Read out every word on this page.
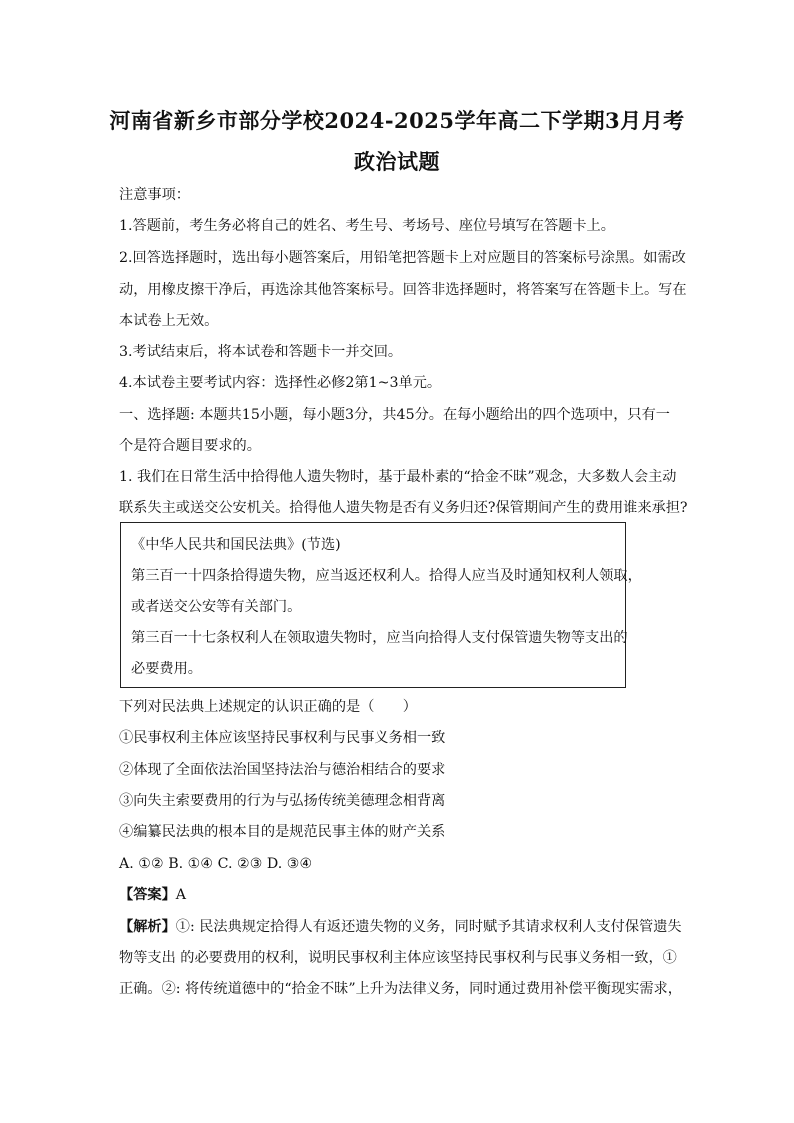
河南省新乡市部分学校2024-2025学年高二下学期3月月考
政治试题
注意事项：
1.答题前，考生务必将自己的姓名、考生号、考场号、座位号填写在答题卡上。
2.回答选择题时，选出每小题答案后，用铅笔把答题卡上对应题目的答案标号涂黑。如需改
动，用橡皮擦干净后，再选涂其他答案标号。回答非选择题时，将答案写在答题卡上。写在
本试卷上无效。
3.考试结束后，将本试卷和答题卡一并交回。
4.本试卷主要考试内容：选择性必修2第1~3单元。
一、选择题: 本题共15小题，每小题3分，共45分。在每小题给出的四个选项中，只有一
个是符合题目要求的。
1. 我们在日常生活中拾得他人遗失物时，基于最朴素的“拾金不昧”观念，大多数人会主动
联系失主或送交公安机关。拾得他人遗失物是否有义务归还?保管期间产生的费用谁来承担?
《中华人民共和国民法典》(节选)
第三百一十四条拾得遗失物，应当返还权利人。拾得人应当及时通知权利人领取，
或者送交公安等有关部门。
第三百一十七条权利人在领取遗失物时，应当向拾得人支付保管遗失物等支出的
必要费用。
下列对民法典上述规定的认识正确的是（　　）
①民事权利主体应该坚持民事权利与民事义务相一致
②体现了全面依法治国坚持法治与德治相结合的要求
③向失主索要费用的行为与弘扬传统美德理念相背离
④编纂民法典的根本目的是规范民事主体的财产关系
A. ①② B. ①④ C. ②③ D. ③④
【答案】A
【解析】①: 民法典规定拾得人有返还遗失物的义务，同时赋予其请求权利人支付保管遗失
物等支出 的必要费用的权利，说明民事权利主体应该坚持民事权利与民事义务相一致，①
正确。②: 将传统道德中的“拾金不昧”上升为法律义务，同时通过费用补偿平衡现实需求，
